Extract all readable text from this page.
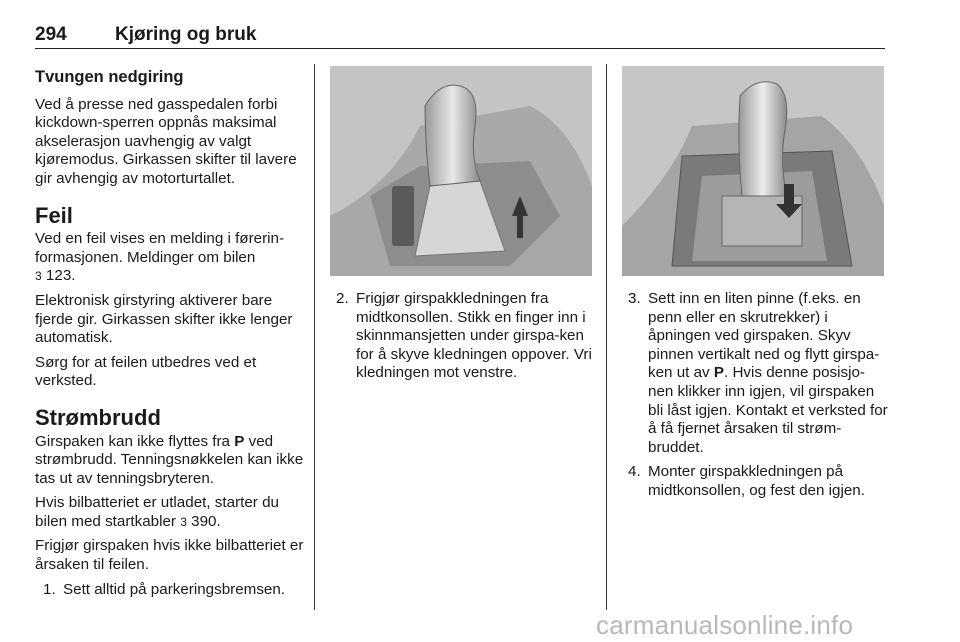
294	Kjøring og bruk
Tvungen nedgiring

Ved å presse ned gasspedalen forbi kickdown-sperren oppnås maksimal akselerasjon uavhengig av valgt kjøremodus. Girkassen skifter til lavere gir avhengig av motorturtallet.

Feil

Ved en feil vises en melding i førerin-formasjonen. Meldinger om bilen
3 123.

Elektronisk girstyring aktiverer bare fjerde gir. Girkassen skifter ikke lenger automatisk.

Sørg for at feilen utbedres ved et verksted.

Strømbrudd

Girspaken kan ikke flyttes fra P ved strømbrudd. Tenningsnøkkelen kan ikke tas ut av tenningsbryteren.

Hvis bilbatteriet er utladet, starter du bilen med startkabler 3 390.

Frigjør girspaken hvis ikke bilbatteriet er årsaken til feilen.

1. Sett alltid på parkeringsbremsen.
2. Frigjør girspakkledningen fra midtkonsollen. Stikk en finger inn i skinnmansjetten under girspa-ken for å skyve kledningen oppover. Vri kledningen mot venstre.
3. Sett inn en liten pinne (f.eks. en penn eller en skrutrekker) i åpningen ved girspaken. Skyv pinnen vertikalt ned og flytt girspa-ken ut av P. Hvis denne posisjo-nen klikker inn igjen, vil girspaken bli låst igjen. Kontakt et verksted for å få fjernet årsaken til strøm-bruddet.
4. Monter girspakkledningen på midtkonsollen, og fest den igjen.
carmanualsonline.info
